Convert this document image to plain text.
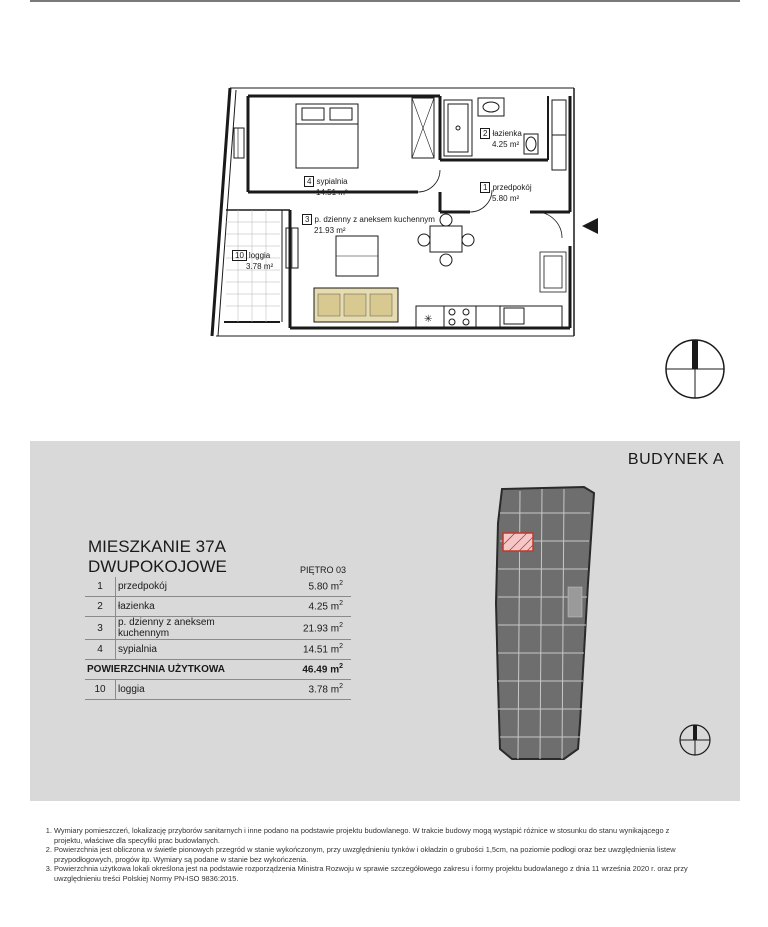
✳
4 sypialnia
14.51 m²
2 łazienka
4.25 m²
1 przedpokój
5.80 m²
3 p. dzienny z aneksem kuchennym
21.93 m²
10 loggia
3.78 m²
BUDYNEK A
MIESZKANIE 37A
DWUPOKOJOWE	PIĘTRO 03
1	przedpokój	5.80 $m^2$
2	łazienka	4.25 $m^2$
3	p. dzienny z aneksem kuchennym	21.93 $m^2$
4	sypialnia	14.51 $m^2$
POWIERZCHNIA UŻYTKOWA		46.49 $m^2$
10	loggia	3.78 $m^2$
1. Wymiary pomieszczeń, lokalizację przyborów sanitarnych i inne podano na podstawie projektu budowlanego. W trakcie budowy mogą wystąpić różnice w stosunku do stanu wynikającego z projektu, właściwe dla specyfiki prac budowlanych.
2. Powierzchnia jest obliczona w świetle pionowych przegród w stanie wykończonym, przy uwzględnieniu tynków i okładzin o grubości 1,5cm, na poziomie podłogi oraz bez uwzględnienia listew przypodłogowych, progów itp. Wymiary są podane w stanie bez wykończenia.
3. Powierzchnia użytkowa lokali określona jest na podstawie rozporządzenia Ministra Rozwoju w sprawie szczegółowego zakresu i formy projektu budowlanego z dnia 11 września 2020 r. oraz przy uwzględnieniu treści Polskiej Normy PN-ISO 9836:2015.
